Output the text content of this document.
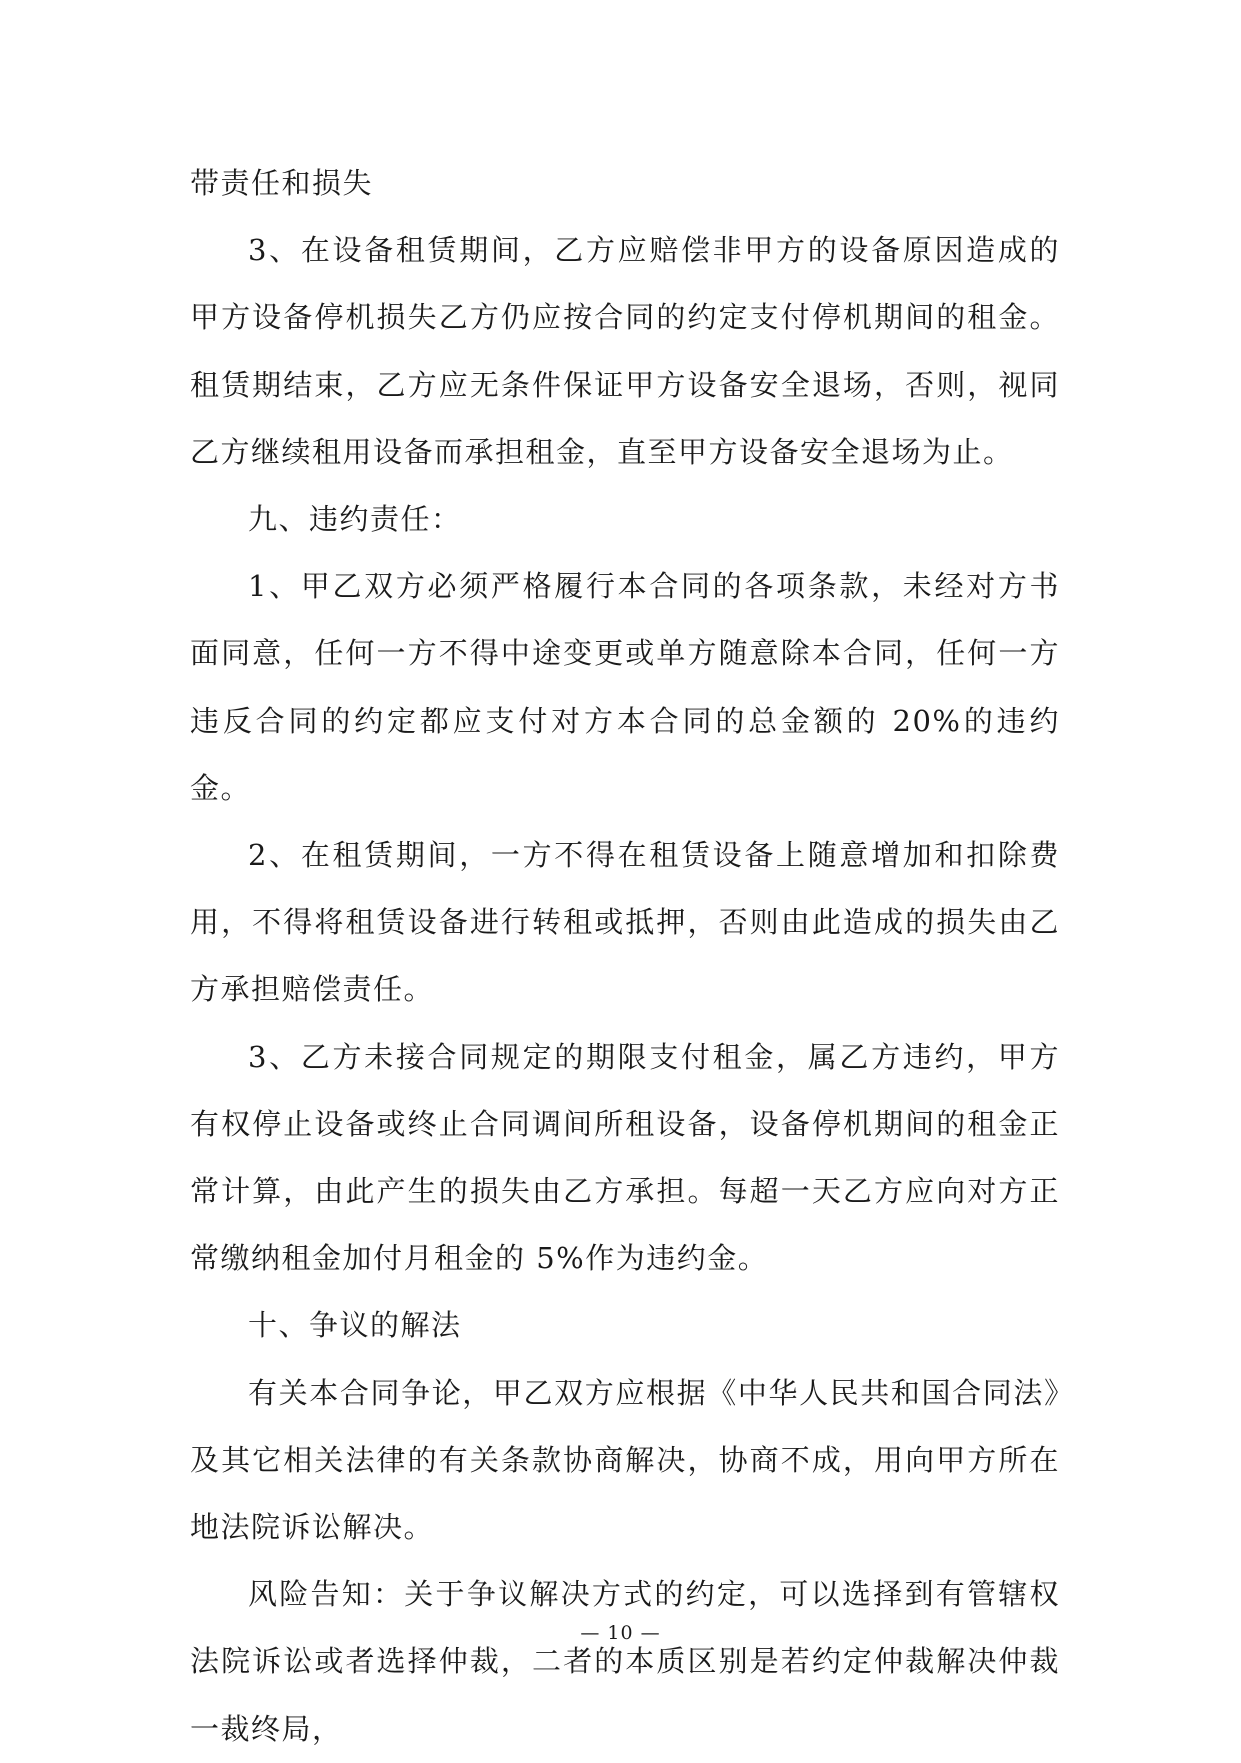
带责任和损失

3、在设备租赁期间，乙方应赔偿非甲方的设备原因造成的甲方设备停机损失乙方仍应按合同的约定支付停机期间的租金。租赁期结束，乙方应无条件保证甲方设备安全退场，否则，视同乙方继续租用设备而承担租金，直至甲方设备安全退场为止。

九、违约责任：

1、甲乙双方必须严格履行本合同的各项条款，未经对方书面同意，任何一方不得中途变更或单方随意除本合同，任何一方违反合同的约定都应支付对方本合同的总金额的 20%的违约金。

2、在租赁期间，一方不得在租赁设备上随意增加和扣除费用，不得将租赁设备进行转租或抵押，否则由此造成的损失由乙方承担赔偿责任。

3、乙方未接合同规定的期限支付租金，属乙方违约，甲方有权停止设备或终止合同调间所租设备，设备停机期间的租金正常计算，由此产生的损失由乙方承担。每超一天乙方应向对方正常缴纳租金加付月租金的 5%作为违约金。

十、争议的解法

有关本合同争论，甲乙双方应根据《中华人民共和国合同法》及其它相关法律的有关条款协商解决，协商不成，用向甲方所在地法院诉讼解决。

风险告知：关于争议解决方式的约定，可以选择到有管辖权法院诉讼或者选择仲裁，二者的本质区别是若约定仲裁解决仲裁一裁终局，

— 10 —
